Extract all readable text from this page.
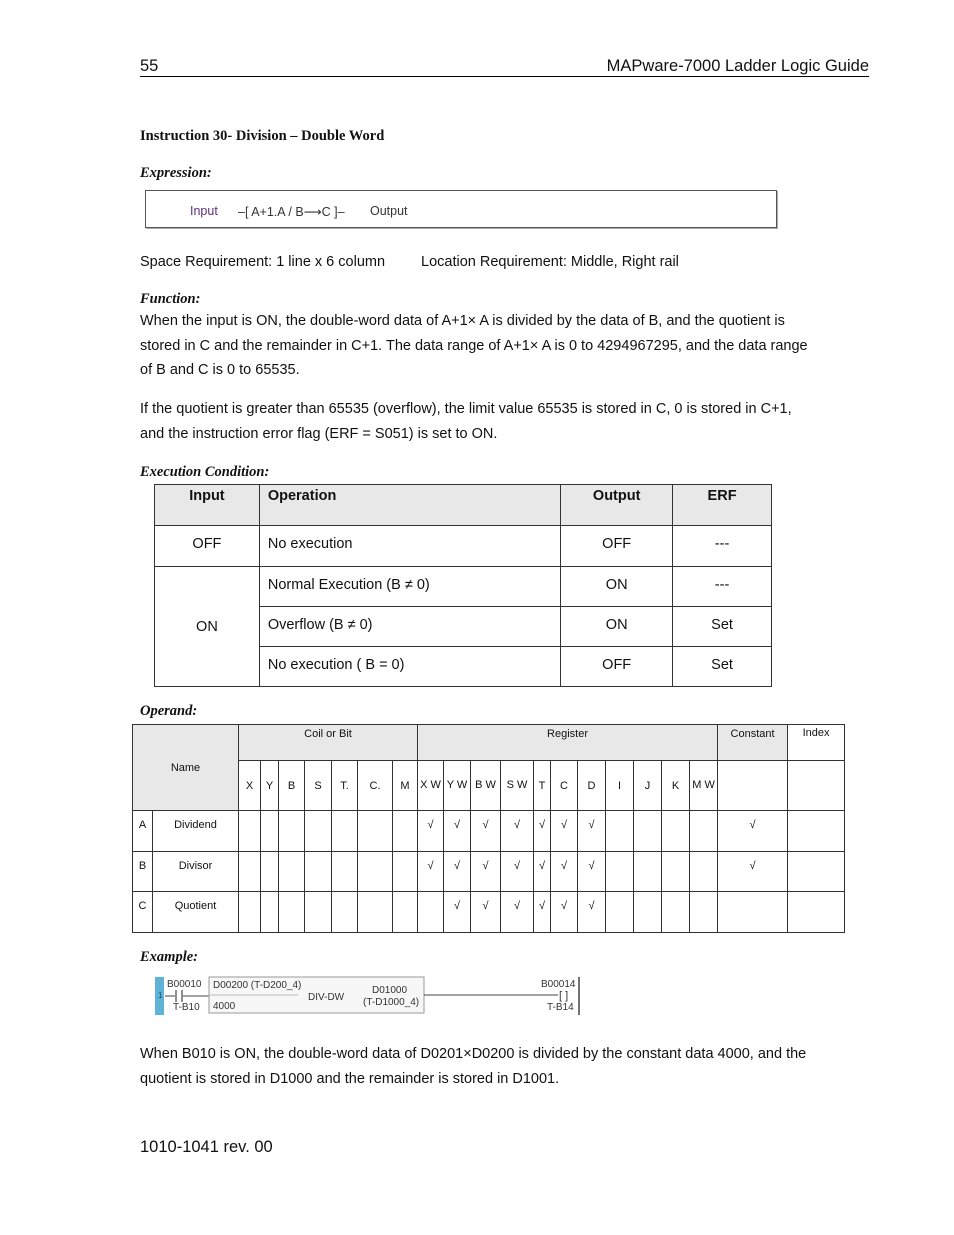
55	MAPware-7000 Ladder Logic Guide
Instruction 30- Division – Double Word
Expression:
Input –[ A+1.A / B⟶C ]– Output
Space Requirement: 1 line x 6 column Location Requirement: Middle, Right rail
Function:
When the input is ON, the double-word data of A+1× A is divided by the data of B, and the quotient is stored in C and the remainder in C+1. The data range of A+1× A is 0 to 4294967295, and the data range of B and C is 0 to 65535.
If the quotient is greater than 65535 (overflow), the limit value 65535 is stored in C, 0 is stored in C+1, and the instruction error flag (ERF = S051) is set to ON.
Execution Condition:
Input	Operation	Output	ERF
OFF	No execution	OFF	---
ON	Normal Execution (B ≠ 0)	ON	---
	Overflow (B ≠ 0)	ON	Set
	No execution ( B = 0)	OFF	Set
Operand:
Name		Coil or Bit							Register											Constant	Index
		X	Y	B	S	T.	C.	M	X W	Y W	B W	S W	T	C	D	I	J	K	M W		
A	Dividend								√	√	√	√	√	√	√					√	
B	Divisor								√	√	√	√	√	√	√					√	
C	Quotient									√	√	√	√	√	√						
Example:
1
B00010
T-B10
D00200 (T-D200_4)
4000
DIV-DW
D01000
(T-D1000_4)
B00014
[ ]
T-B14
When B010 is ON, the double-word data of D0201×D0200 is divided by the constant data 4000, and the quotient is stored in D1000 and the remainder is stored in D1001.
1010-1041 rev. 00
